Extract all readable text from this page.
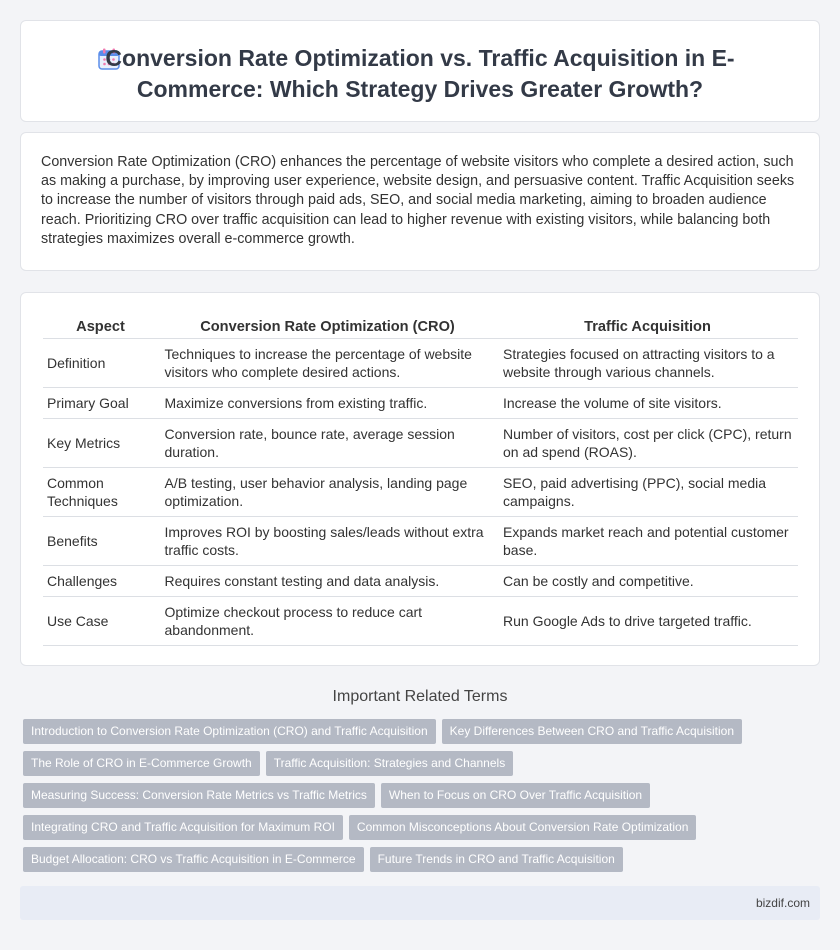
Conversion Rate Optimization vs. Traffic Acquisition in E-Commerce: Which Strategy Drives Greater Growth?

Conversion Rate Optimization (CRO) enhances the percentage of website visitors who complete a desired action, such as making a purchase, by improving user experience, website design, and persuasive content. Traffic Acquisition seeks to increase the number of visitors through paid ads, SEO, and social media marketing, aiming to broaden audience reach. Prioritizing CRO over traffic acquisition can lead to higher revenue with existing visitors, while balancing both strategies maximizes overall e-commerce growth.

Aspect	Conversion Rate Optimization (CRO)	Traffic Acquisition
Definition	Techniques to increase the percentage of website visitors who complete desired actions.	Strategies focused on attracting visitors to a website through various channels.
Primary Goal	Maximize conversions from existing traffic.	Increase the volume of site visitors.
Key Metrics	Conversion rate, bounce rate, average session duration.	Number of visitors, cost per click (CPC), return on ad spend (ROAS).
Common Techniques	A/B testing, user behavior analysis, landing page optimization.	SEO, paid advertising (PPC), social media campaigns.
Benefits	Improves ROI by boosting sales/leads without extra traffic costs.	Expands market reach and potential customer base.
Challenges	Requires constant testing and data analysis.	Can be costly and competitive.
Use Case	Optimize checkout process to reduce cart abandonment.	Run Google Ads to drive targeted traffic.
Important Related Terms
Introduction to Conversion Rate Optimization (CRO) and Traffic Acquisition Key Differences Between CRO and Traffic Acquisition
The Role of CRO in E-Commerce Growth Traffic Acquisition: Strategies and Channels
Measuring Success: Conversion Rate Metrics vs Traffic Metrics When to Focus on CRO Over Traffic Acquisition
Integrating CRO and Traffic Acquisition for Maximum ROI Common Misconceptions About Conversion Rate Optimization
Budget Allocation: CRO vs Traffic Acquisition in E-Commerce Future Trends in CRO and Traffic Acquisition
bizdif.com
